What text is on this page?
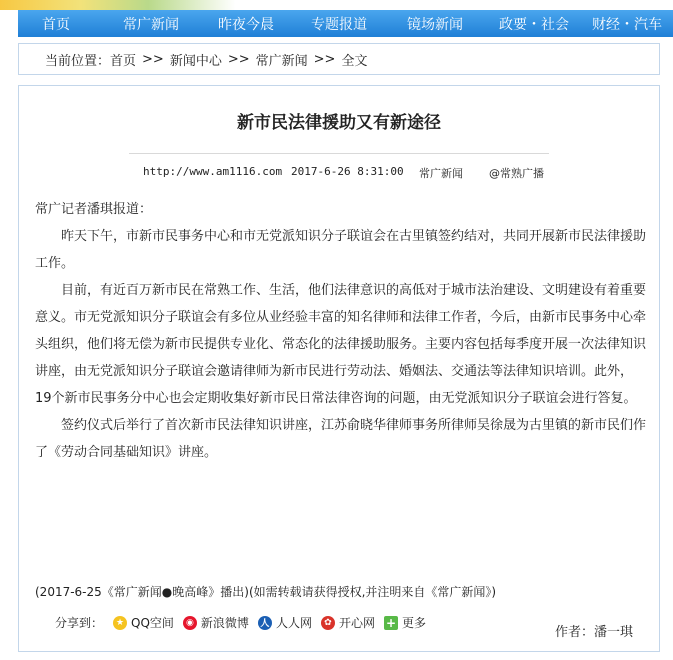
首页	常广新闻	昨夜今晨	专题报道	镜场新闻	政要・社会 财经・汽车
当前位置： 首页 >> 新闻中心 >> 常广新闻 >> 全文
新市民法律援助又有新途径
http://www.am1116.com 2017-6-26 8:31:00 常广新闻 @常熟广播

常广记者潘琪报道：

昨天下午，市新市民事务中心和市无党派知识分子联谊会在古里镇签约结对，共同开展新市民法律援助工作。

目前，有近百万新市民在常熟工作、生活，他们法律意识的高低对于城市法治建设、文明建设有着重要意义。市无党派知识分子联谊会有多位从业经验丰富的知名律师和法律工作者，今后，由新市民事务中心牵头组织，他们将无偿为新市民提供专业化、常态化的法律援助服务。主要内容包括每季度开展一次法律知识讲座，由无党派知识分子联谊会邀请律师为新市民进行劳动法、婚姻法、交通法等法律知识培训。此外，19个新市民事务分中心也会定期收集好新市民日常法律咨询的问题，由无党派知识分子联谊会进行答复。

签约仪式后举行了首次新市民法律知识讲座，江苏俞晓华律师事务所律师吴徐晟为古里镇的新市民们作了《劳动合同基础知识》讲座。

(2017-6-25《常广新闻●晚高峰》播出)(如需转载请获得授权,并注明来自《常广新闻》)
分享到：	★ QQ空间	◉ 新浪微博 人 人人网	✿ 开心网 + 更多
作者：潘一琪
